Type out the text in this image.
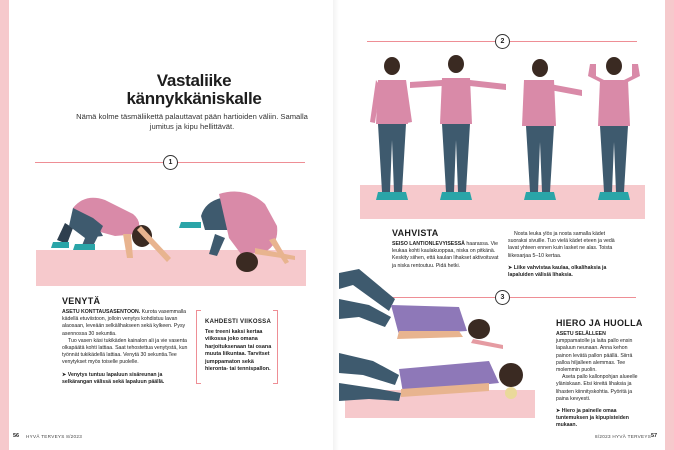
Vastaliike
kännykkäniskalle
Nämä kolme täsmäliikettä palauttavat pään hartioiden väliin. Samalla jumitus ja kipu hellittävät.
1
VENYTÄ

ASETU KONTTAUSASENTOON. Kurota vasemmalla kädellä etuviistoon, jolloin venytys kohdistuu lavan alaosaan, leveään selkälihakseen sekä kylkeen. Pysy asennossa 30 sekuntia.

Tuo vasen käsi tukikäden kainalon ali ja vie vasenta olkapäätä kohti lattiaa. Saat tehostettua venytystä, kun työnnät tukikädellä lattiaa. Venytä 30 sekuntia.Tee venytykset myös toiselle puolelle.

➤ Venytys tuntuu lapaluun sisäreunan ja selkärangan välissä sekä lapaluun päällä.

KAHDESTI VIIKOSSA
Tee treeni kaksi kertaa viikossa joko omana harjoituksenaan tai osana muuta liikuntaa. Tarvitset jumppamaton sekä hieronta- tai tennispallon.
56 HYVÄ TERVEYS 8/2023
2
VAHVISTA

SEISO LANTIONLEVYISESSÄ haarassa. Vie leukaa kohti kaulakuoppaa, niska on pitkänä. Keskity siihen, että kaulan lihakset aktivoituvat ja niska rentoutuu. Pidä hetki.

Nosta leuka ylös ja nosta samalla kädet suoraksi sivuille. Tuo vielä kädet eteen ja vedä lavat yhteen ennen kuin lasket ne alas. Toista liikesarjaa 5–10 kertaa.

➤ Liike vahvistaa kaulaa, olkalihaksia ja lapaluiden välisiä lihaksia.

3
HIERO JA HUOLLA

ASETU SELÄLLEEN jumppamatolle ja laita pallo ensin lapaluun neunaan. Anna kehon painon levätä pallon päällä. Siirrä palloa hiljalleen alemmas. Tee molemmin puolin.

Aseta pallo kallonpohjan alueelle yläniskaan. Etsi kireitä lihaksia ja lihasten kiinnityskohtia. Pyöritä ja paina kevyesti.

➤ Hiero ja paineile omaa tuntemuksen ja kipupisteiden mukaan.

8/2023 HYVÄ TERVEYS 57
